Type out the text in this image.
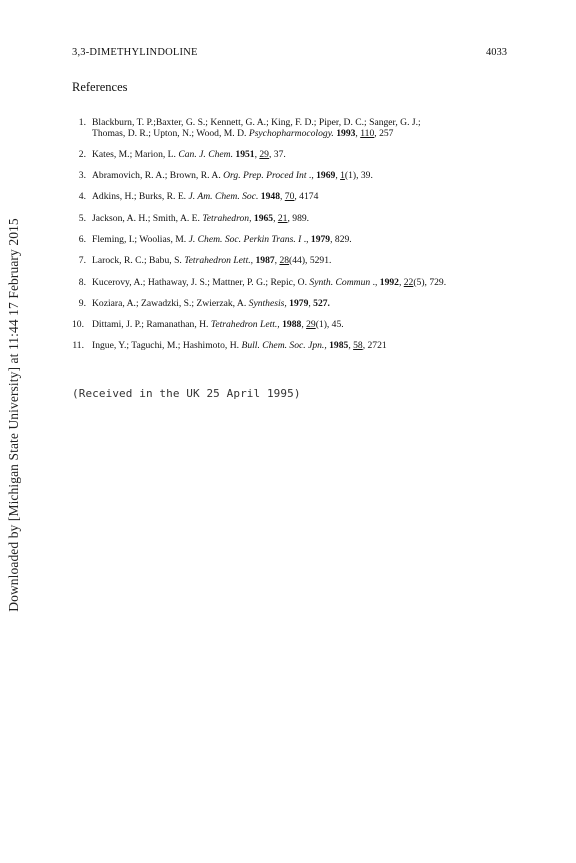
Downloaded by [Michigan State University] at 11:44 17 February 2015
3,3-DIMETHYLINDOLINE	4033
References
1. Blackburn, T. P.;Baxter, G. S.; Kennett, G. A.; King, F. D.; Piper, D. C.; Sanger, G. J.;
Thomas, D. R.; Upton, N.; Wood, M. D. Psychopharmocology. 1993, 110, 257
2. Kates, M.; Marion, L. Can. J. Chem. 1951, 29, 37.
3. Abramovich, R. A.; Brown, R. A. Org. Prep. Proced Int ., 1969, 1(1), 39.
4. Adkins, H.; Burks, R. E. J. Am. Chem. Soc. 1948, 70, 4174
5. Jackson, A. H.; Smith, A. E. Tetrahedron, 1965, 21, 989.
6. Fleming, I.; Woolias, M. J. Chem. Soc. Perkin Trans. I ., 1979, 829.
7. Larock, R. C.; Babu, S. Tetrahedron Lett., 1987, 28(44), 5291.
8. Kucerovy, A.; Hathaway, J. S.; Mattner, P. G.; Repic, O. Synth. Commun ., 1992, 22(5), 729.
9. Koziara, A.; Zawadzki, S.; Zwierzak, A. Synthesis, 1979, 527.
10. Dittami, J. P.; Ramanathan, H. Tetrahedron Lett., 1988, 29(1), 45.
11. Ingue, Y.; Taguchi, M.; Hashimoto, H. Bull. Chem. Soc. Jpn., 1985, 58, 2721
(Received in the UK 25 April 1995)
